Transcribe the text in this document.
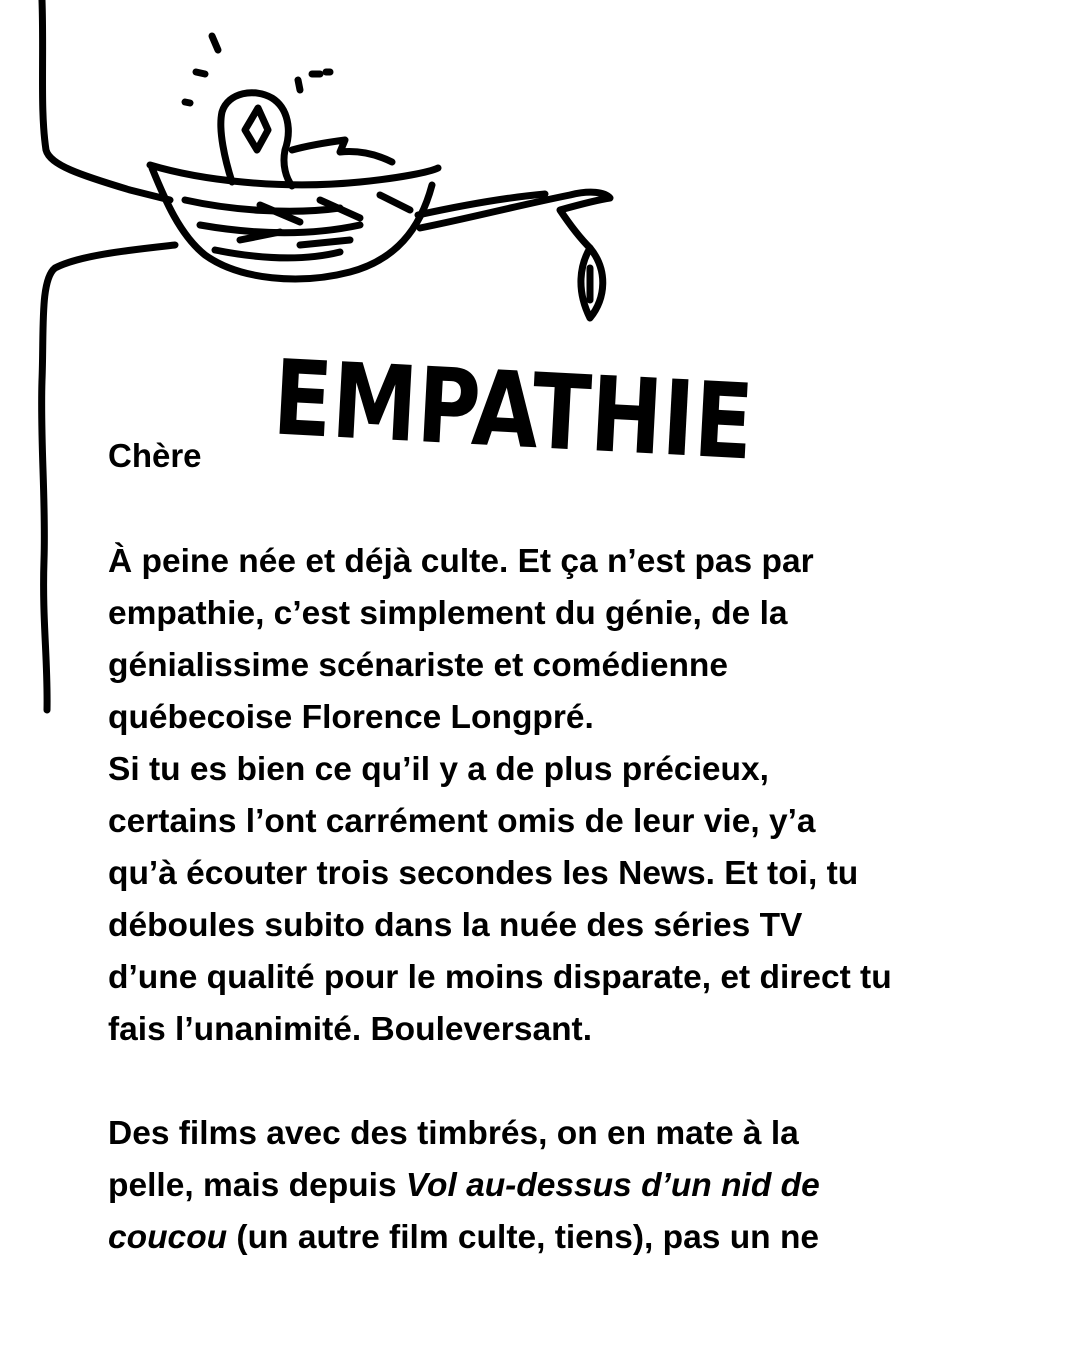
EMPATHIE

Chère

À peine née et déjà culte. Et ça n’est pas par
empathie, c’est simplement du génie, de la
génialissime scénariste et comédienne
québecoise Florence Longpré.
Si tu es bien ce qu’il y a de plus précieux,
certains l’ont carrément omis de leur vie, y’a
qu’à écouter trois secondes les News. Et toi, tu
déboules subito dans la nuée des séries TV
d’une qualité pour le moins disparate, et direct tu
fais l’unanimité. Bouleversant.

Des films avec des timbrés, on en mate à la
pelle, mais depuis Vol au-dessus d’un nid de
coucou (un autre film culte, tiens), pas un ne
